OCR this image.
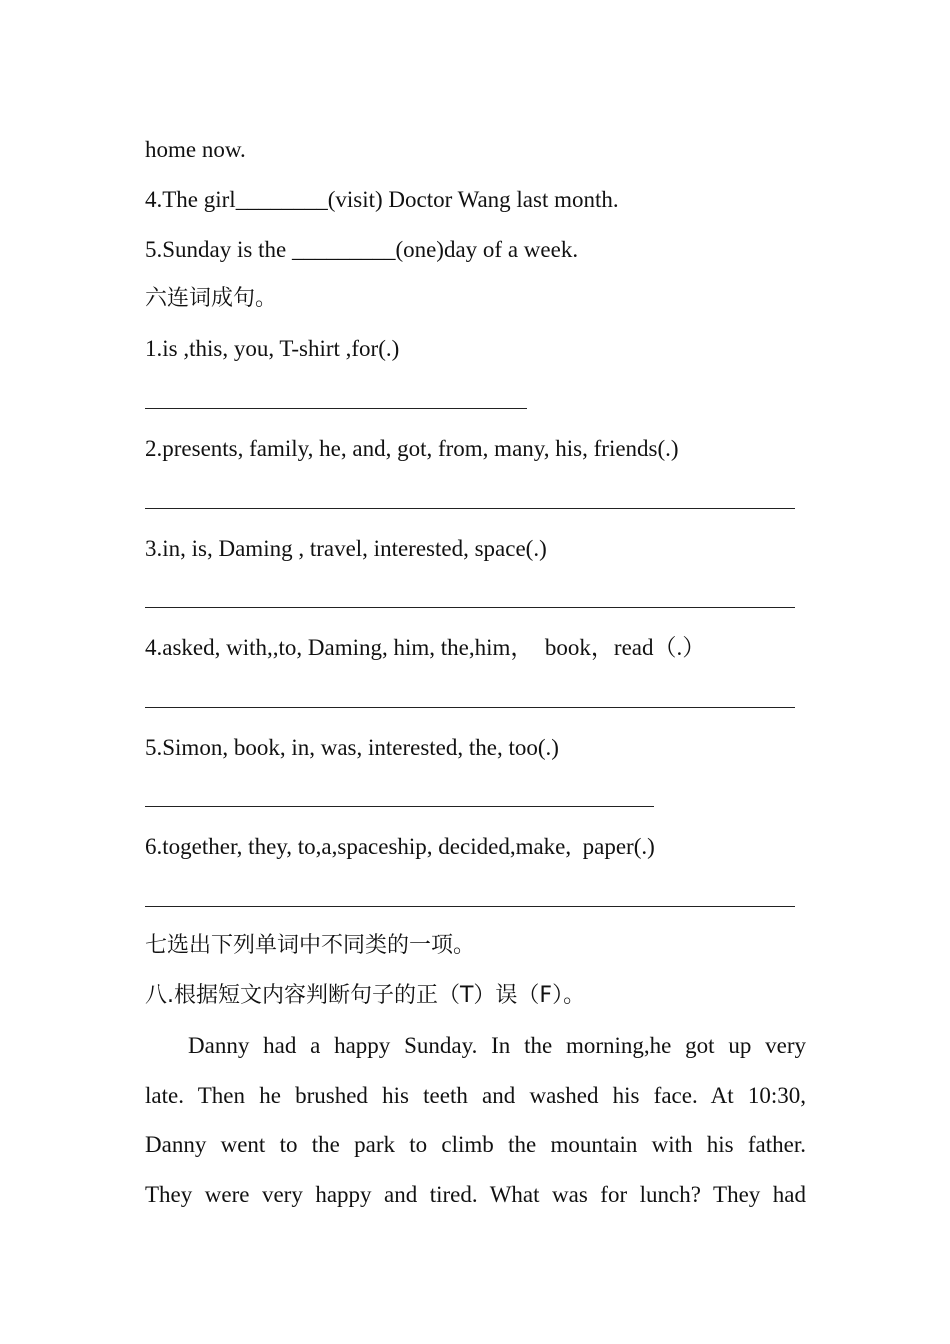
home now.
4.The girl________(visit) Doctor Wang last month.
5.Sunday is the _________(one)day of a week.
六连词成句。
1.is ,this, you, T-shirt ,for(.)
2.presents, family, he, and, got, from, many, his, friends(.)
3.in, is, Daming , travel, interested, space(.)
4.asked, with,,to, Daming, him, the,him，  book，read（.）
5.Simon, book, in, was, interested, the, too(.)
6.together, they, to,a,spaceship, decided,make,  paper(.)
七选出下列单词中不同类的一项。
八.根据短文内容判断句子的正（T）误（F）。
Danny had a happy Sunday. In the morning,he got up very
late. Then he brushed his teeth and washed his face. At 10:30,
Danny went to the park to climb the mountain with his father.
They were very happy and tired. What was for lunch? They had
